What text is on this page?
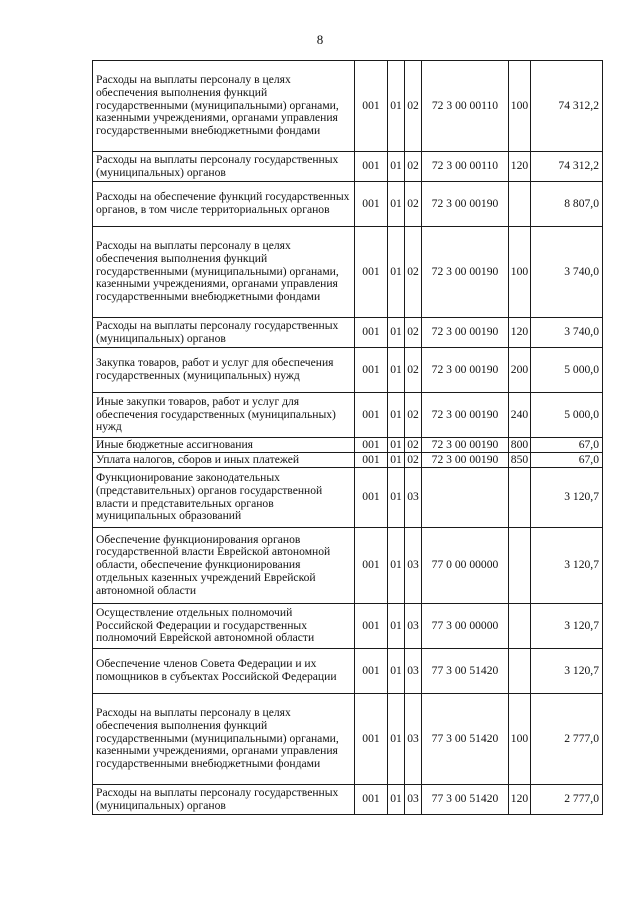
8
Расходы на выплаты персоналу в целях обеспечения выполнения функций государственными (муниципальными) органами, казенными учреждениями, органами управления государственными внебюджетными фондами	001	01	02	72 3 00 00110	100	74 312,2
Расходы на выплаты персоналу государственных (муниципальных) органов	001	01	02	72 3 00 00110	120	74 312,2
Расходы на обеспечение функций государственных органов, в том числе территориальных органов	001	01	02	72 3 00 00190		8 807,0
Расходы на выплаты персоналу в целях обеспечения выполнения функций государственными (муниципальными) органами, казенными учреждениями, органами управления государственными внебюджетными фондами	001	01	02	72 3 00 00190	100	3 740,0
Расходы на выплаты персоналу государственных (муниципальных) органов	001	01	02	72 3 00 00190	120	3 740,0
Закупка товаров, работ и услуг для обеспечения государственных (муниципальных) нужд	001	01	02	72 3 00 00190	200	5 000,0
Иные закупки товаров, работ и услуг для обеспечения государственных (муниципальных) нужд	001	01	02	72 3 00 00190	240	5 000,0
Иные бюджетные ассигнования	001	01	02	72 3 00 00190	800	67,0
Уплата налогов, сборов и иных платежей	001	01	02	72 3 00 00190	850	67,0
Функционирование законодательных (представительных) органов государственной власти и представительных органов муниципальных образований	001	01	03			3 120,7
Обеспечение функционирования органов государственной власти Еврейской автономной области, обеспечение функционирования отдельных казенных учреждений Еврейской автономной области	001	01	03	77 0 00 00000		3 120,7
Осуществление отдельных полномочий Российской Федерации и государственных полномочий Еврейской автономной области	001	01	03	77 3 00 00000		3 120,7
Обеспечение членов Совета Федерации и их помощников в субъектах Российской Федерации	001	01	03	77 3 00 51420		3 120,7
Расходы на выплаты персоналу в целях обеспечения выполнения функций государственными (муниципальными) органами, казенными учреждениями, органами управления государственными внебюджетными фондами	001	01	03	77 3 00 51420	100	2 777,0
Расходы на выплаты персоналу государственных (муниципальных) органов	001	01	03	77 3 00 51420	120	2 777,0
